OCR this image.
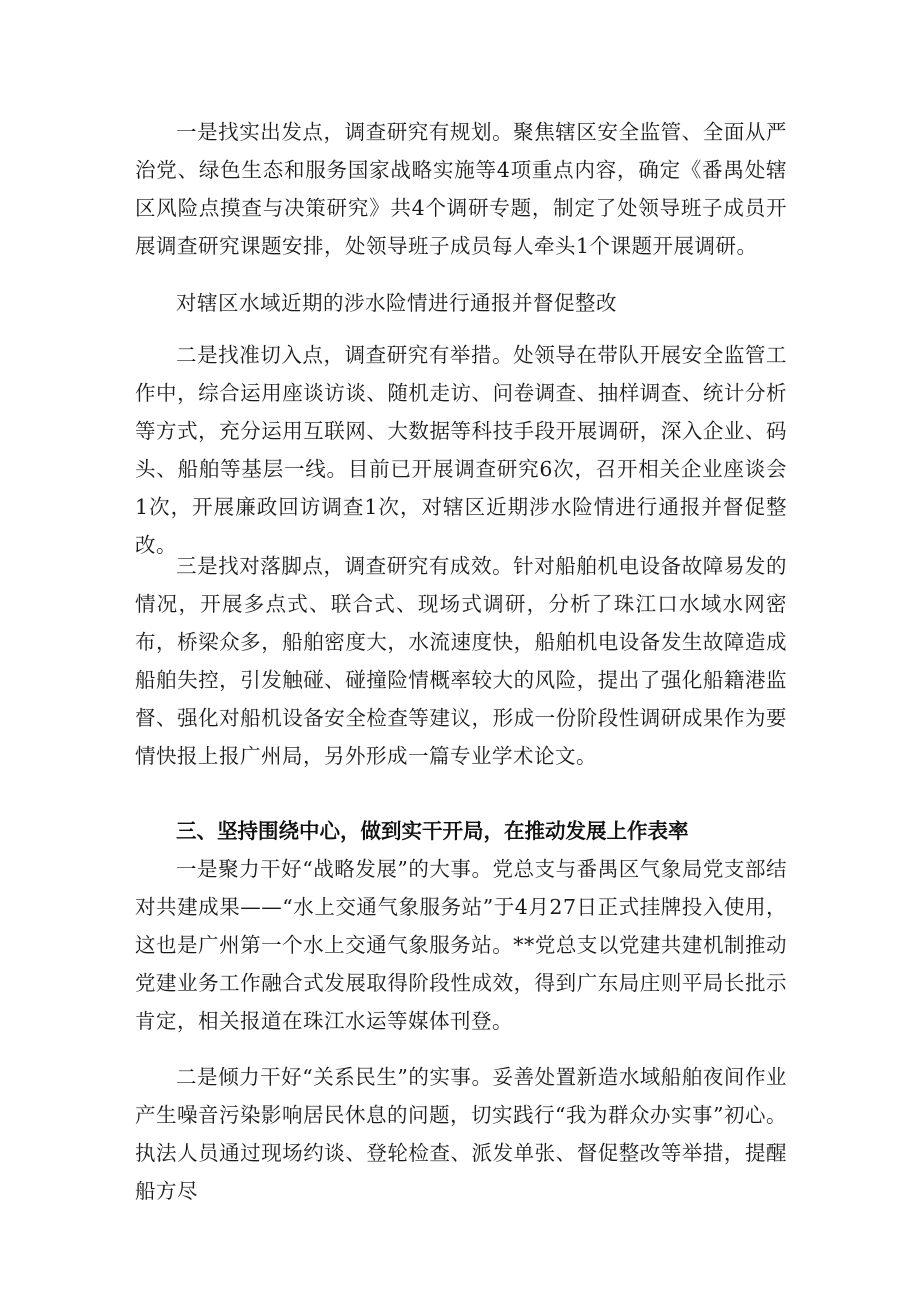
一是找实出发点，调查研究有规划。聚焦辖区安全监管、全面从严治党、绿色生态和服务国家战略实施等4项重点内容，确定《番禺处辖区风险点摸查与决策研究》共4个调研专题，制定了处领导班子成员开展调查研究课题安排，处领导班子成员每人牵头1个课题开展调研。

对辖区水域近期的涉水险情进行通报并督促整改

二是找准切入点，调查研究有举措。处领导在带队开展安全监管工作中，综合运用座谈访谈、随机走访、问卷调查、抽样调查、统计分析等方式，充分运用互联网、大数据等科技手段开展调研，深入企业、码头、船舶等基层一线。目前已开展调查研究6次，召开相关企业座谈会1次，开展廉政回访调查1次，对辖区近期涉水险情进行通报并督促整改。

三是找对落脚点，调查研究有成效。针对船舶机电设备故障易发的情况，开展多点式、联合式、现场式调研，分析了珠江口水域水网密布，桥梁众多，船舶密度大，水流速度快，船舶机电设备发生故障造成船舶失控，引发触碰、碰撞险情概率较大的风险，提出了强化船籍港监督、强化对船机设备安全检查等建议，形成一份阶段性调研成果作为要情快报上报广州局，另外形成一篇专业学术论文。

三、坚持围绕中心，做到实干开局，在推动发展上作表率

一是聚力干好“战略发展”的大事。党总支与番禺区气象局党支部结对共建成果——“水上交通气象服务站”于4月27日正式挂牌投入使用，这也是广州第一个水上交通气象服务站。**党总支以党建共建机制推动党建业务工作融合式发展取得阶段性成效，得到广东局庄则平局长批示肯定，相关报道在珠江水运等媒体刊登。

二是倾力干好“关系民生”的实事。妥善处置新造水域船舶夜间作业产生噪音污染影响居民休息的问题，切实践行“我为群众办实事”初心。执法人员通过现场约谈、登轮检查、派发单张、督促整改等举措，提醒船方尽
